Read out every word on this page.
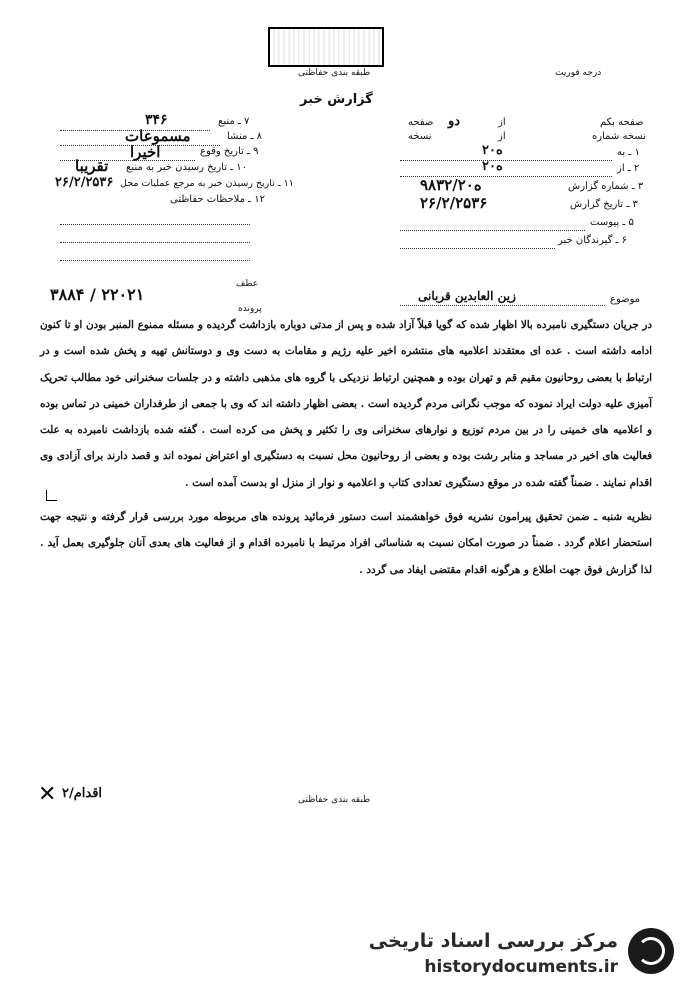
طبقه بندی حفاظتی
گزارش خبر
درجه فوریت
۷ ـ منبع
۳۴۶
۸ ـ منشا
مسموعات
۹ ـ تاریخ وقوع
اخیرا
۱۰ ـ تاریخ رسیدن خبر به منبع
تقریبا
۱۱ ـ تاریخ رسیدن خبر به مرجع عملیات محل
۲۶/۲/۲۵۳۶
۱۲ ـ ملاحظات حفاظتی
صفحه بکم
از
دو
صفحه
نسخه شماره
از
نسخه
۱ ـ به
۲۰ه
۲ ـ از
۲۰ه
۳ ـ شماره گزارش
۹۸۳۲/۲۰ه
۳ ـ تاریخ گزارش
۲۶/۲/۲۵۳۶
۵ ـ پیوست
۶ ـ گیرندگان خبر
موضوع
زین العابدین قربانی
عطف
پرونده
۳۸۸۴ / ۲۲۰۲۱

در جریان دستگیری نامبرده بالا اظهار شده که گویا قبلاً آزاد شده و پس از مدتی دوباره بازداشت گردیده و مسئله ممنوع المنبر بودن او تا کنون ادامه داشته است . عده ای معتقدند اعلامیه های منتشره اخیر علیه رژیم و مقامات به دست وی و دوستانش تهیه و پخش شده است و در ارتباط با بعضی روحانیون مقیم قم و تهران بوده و همچنین ارتباط نزدیکی با گروه های مذهبی داشته و در جلسات سخنرانی خود مطالب تحریک آمیزی علیه دولت ایراد نموده که موجب نگرانی مردم گردیده است . بعضی اظهار داشته اند که وی با جمعی از طرفداران خمینی در تماس بوده و اعلامیه های خمینی را در بین مردم توزیع و نوارهای سخنرانی وی را تکثیر و پخش می کرده است . گفته شده بازداشت نامبرده به علت فعالیت های اخیر در مساجد و منابر رشت بوده و بعضی از روحانیون محل نسبت به دستگیری او اعتراض نموده اند و قصد دارند برای آزادی وی اقدام نمایند . ضمناً گفته شده در موقع دستگیری تعدادی کتاب و اعلامیه و نوار از منزل او بدست آمده است .

نظریه شنبه ـ ضمن تحقیق پیرامون نشریه فوق خواهشمند است دستور فرمائید پرونده های مربوطه مورد بررسی قرار گرفته و نتیجه جهت استحضار اعلام گردد . ضمناً در صورت امکان نسبت به شناسائی افراد مرتبط با نامبرده اقدام و از فعالیت های بعدی آنان جلوگیری بعمل آید . لذا گزارش فوق جهت اطلاع و هرگونه اقدام مقتضی ایفاد می گردد .

✕ اقدام/۲	طبقه بندی حفاظتی
مرکز بررسی اسناد تاریخی
historydocuments.ir
